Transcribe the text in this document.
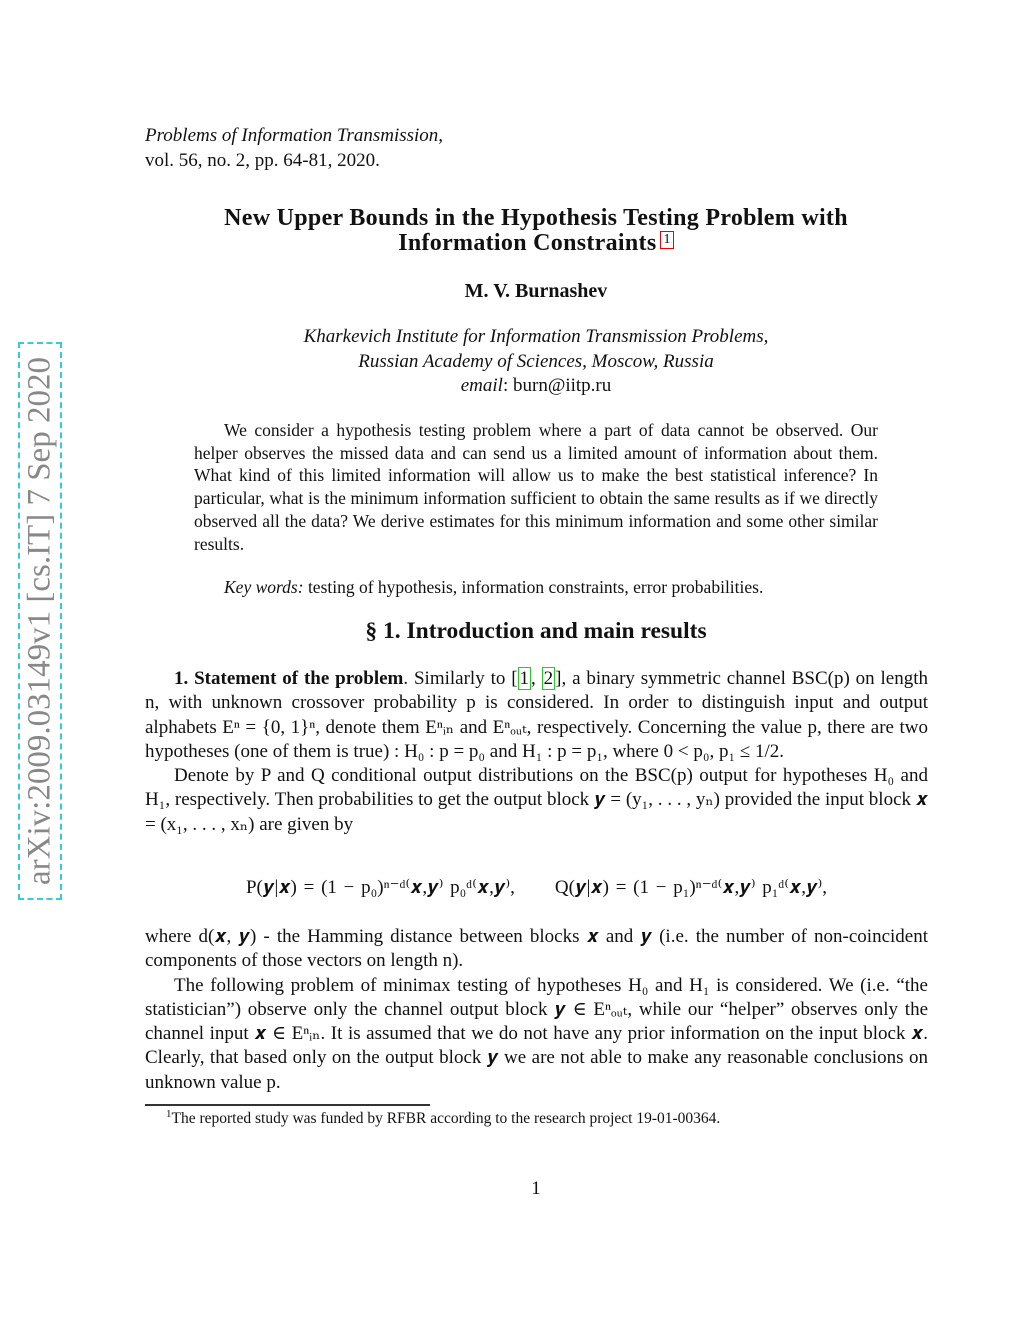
Problems of Information Transmission,
vol. 56, no. 2, pp. 64-81, 2020.
New Upper Bounds in the Hypothesis Testing Problem with
Information Constraints 1
M. V. Burnashev
Kharkevich Institute for Information Transmission Problems,
Russian Academy of Sciences, Moscow, Russia
email: burn@iitp.ru
We consider a hypothesis testing problem where a part of data cannot be observed. Our helper observes the missed data and can send us a limited amount of information about them. What kind of this limited information will allow us to make the best statistical inference? In particular, what is the minimum information sufficient to obtain the same results as if we directly observed all the data? We derive estimates for this minimum information and some other similar results.
Key words: testing of hypothesis, information constraints, error probabilities.
§ 1. Introduction and main results

1. Statement of the problem. Similarly to [ 1 , 2 ], a binary symmetric channel BSC(p) on length n, with unknown crossover probability p is considered. In order to distinguish input and output alphabets Eⁿ = {0, 1}ⁿ, denote them Eⁿᵢₙ and Eⁿₒᵤₜ, respectively. Concerning the value p, there are two hypotheses (one of them is true) : H₀ : p = p₀ and H₁ : p = p₁, where 0 < p₀, p₁ ≤ 1/2.

Denote by P and Q conditional output distributions on the BSC(p) output for hypotheses H₀ and H₁, respectively. Then probabilities to get the output block 𝒚 = (y₁, . . . , yₙ) provided the input block 𝒙 = (x₁, . . . , xₙ) are given by

P(𝒚|𝒙) = (1 − p₀)ⁿ⁻ᵈ⁽𝒙,𝒚⁾ p₀ᵈ⁽𝒙,𝒚⁾, Q(𝒚|𝒙) = (1 − p₁)ⁿ⁻ᵈ⁽𝒙,𝒚⁾ p₁ᵈ⁽𝒙,𝒚⁾,

where d(𝒙, 𝒚) - the Hamming distance between blocks 𝒙 and 𝒚 (i.e. the number of non-coincident components of those vectors on length n).

The following problem of minimax testing of hypotheses H₀ and H₁ is considered. We (i.e. “the statistician”) observe only the channel output block 𝒚 ∈ Eⁿₒᵤₜ, while our “helper” observes only the channel input 𝒙 ∈ Eⁿᵢₙ. It is assumed that we do not have any prior information on the input block 𝒙. Clearly, that based only on the output block 𝒚 we are not able to make any reasonable conclusions on unknown value p.

$^1$The reported study was funded by RFBR according to the research project 19-01-00364.
1
arXiv:2009.03149v1 [cs.IT] 7 Sep 2020
